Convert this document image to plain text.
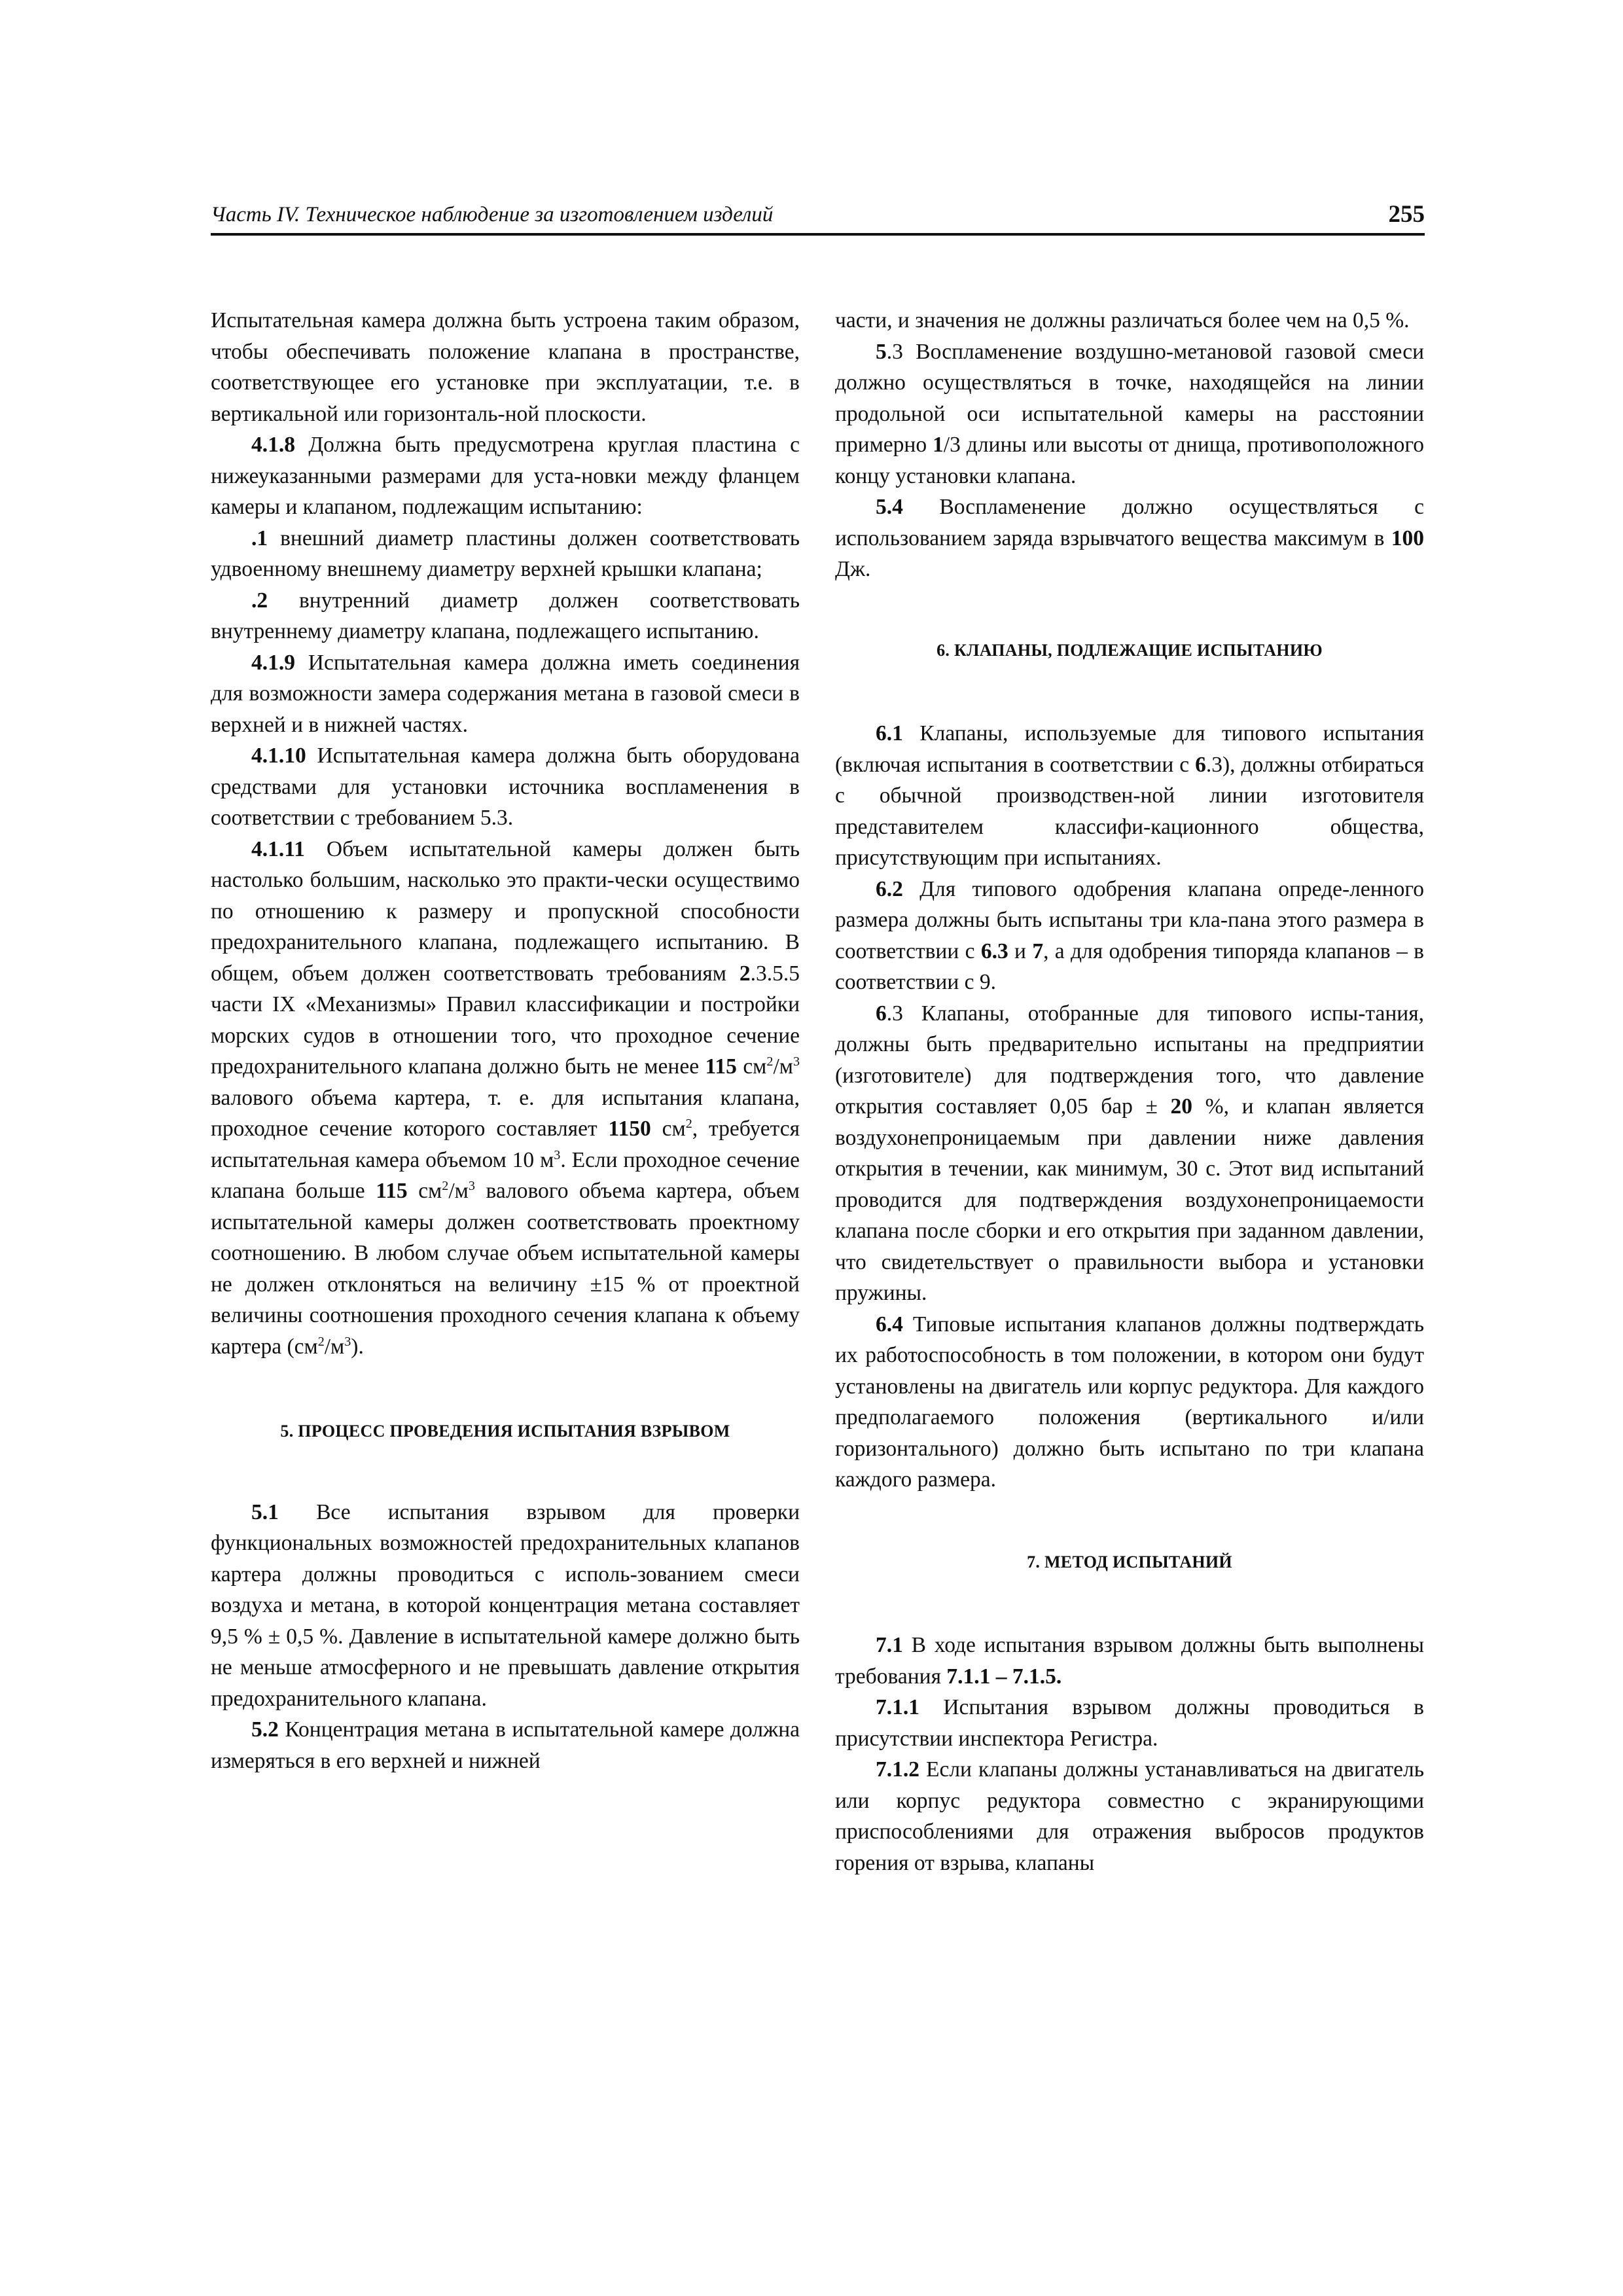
Часть IV. Техническое наблюдение за изготовлением изделий	255

Испытательная камера должна быть устроена таким образом, чтобы обеспечивать положение клапана в пространстве, соответствующее его установке при эксплуатации, т.е. в вертикальной или горизонталь-ной плоскости.

4.1.8 Должна быть предусмотрена круглая пластина с нижеуказанными размерами для уста-новки между фланцем камеры и клапаном, подлежащим испытанию:

.1 внешний диаметр пластины должен соответствовать удвоенному внешнему диаметру верхней крышки клапана;

.2 внутренний диаметр должен соответствовать внутреннему диаметру клапана, подлежащего испытанию.

4.1.9 Испытательная камера должна иметь соединения для возможности замера содержания метана в газовой смеси в верхней и в нижней частях.

4.1.10 Испытательная камера должна быть оборудована средствами для установки источника воспламенения в соответствии с требованием 5.3.

4.1.11 Объем испытательной камеры должен быть настолько большим, насколько это практи-чески осуществимо по отношению к размеру и пропускной способности предохранительного клапана, подлежащего испытанию. В общем, объем должен соответствовать требованиям 2.3.5.5 части IX «Механизмы» Правил классификации и постройки морских судов в отношении того, что проходное сечение предохранительного клапана должно быть не менее 115 $см^2/м^3$ валового объема картера, т. е. для испытания клапана, проходное сечение которого составляет 1150 $см^2$, требуется испытательная камера объемом 10 $м^3$. Если проходное сечение клапана больше 115 $см^2/м^3$ валового объема картера, объем испытательной камеры должен соответствовать проектному соотношению. В любом случае объем испытательной камеры не должен отклоняться на величину ±15 % от проектной величины соотношения проходного сечения клапана к объему картера $(см^2/м^3)$.

5. ПРОЦЕСС ПРОВЕДЕНИЯ ИСПЫТАНИЯ ВЗРЫВОМ

5.1 Все испытания взрывом для проверки функциональных возможностей предохранительных клапанов картера должны проводиться с исполь-зованием смеси воздуха и метана, в которой концентрация метана составляет 9,5 % ± 0,5 %. Давление в испытательной камере должно быть не меньше атмосферного и не превышать давление открытия предохранительного клапана.

5.2 Концентрация метана в испытательной камере должна измеряться в его верхней и нижней

части, и значения не должны различаться более чем на 0,5 %.

5.3 Воспламенение воздушно-метановой газовой смеси должно осуществляться в точке, находящейся на линии продольной оси испытательной камеры на расстоянии примерно 1/3 длины или высоты от днища, противоположного концу установки клапана.

5.4 Воспламенение должно осуществляться с использованием заряда взрывчатого вещества максимум в 100 Дж.

6. КЛАПАНЫ, ПОДЛЕЖАЩИЕ ИСПЫТАНИЮ

6.1 Клапаны, используемые для типового испытания (включая испытания в соответствии с 6.3), должны отбираться с обычной производствен-ной линии изготовителя представителем классифи-кационного общества, присутствующим при испытаниях.

6.2 Для типового одобрения клапана опреде-ленного размера должны быть испытаны три кла-пана этого размера в соответствии с 6.3 и 7, а для одобрения типоряда клапанов – в соответствии с 9.

6.3 Клапаны, отобранные для типового испы-тания, должны быть предварительно испытаны на предприятии (изготовителе) для подтверждения того, что давление открытия составляет 0,05 бар ± 20 %, и клапан является воздухонепроницаемым при давлении ниже давления открытия в течении, как минимум, 30 с. Этот вид испытаний проводится для подтверждения воздухонепроницаемости клапана после сборки и его открытия при заданном давлении, что свидетельствует о правильности выбора и установки пружины.

6.4 Типовые испытания клапанов должны подтверждать их работоспособность в том положении, в котором они будут установлены на двигатель или корпус редуктора. Для каждого предполагаемого положения (вертикального и/или горизонтального) должно быть испытано по три клапана каждого размера.

7. МЕТОД ИСПЫТАНИЙ

7.1 В ходе испытания взрывом должны быть выполнены требования 7.1.1 – 7.1.5.

7.1.1 Испытания взрывом должны проводиться в присутствии инспектора Регистра.

7.1.2 Если клапаны должны устанавливаться на двигатель или корпус редуктора совместно с экранирующими приспособлениями для отражения выбросов продуктов горения от взрыва, клапаны
